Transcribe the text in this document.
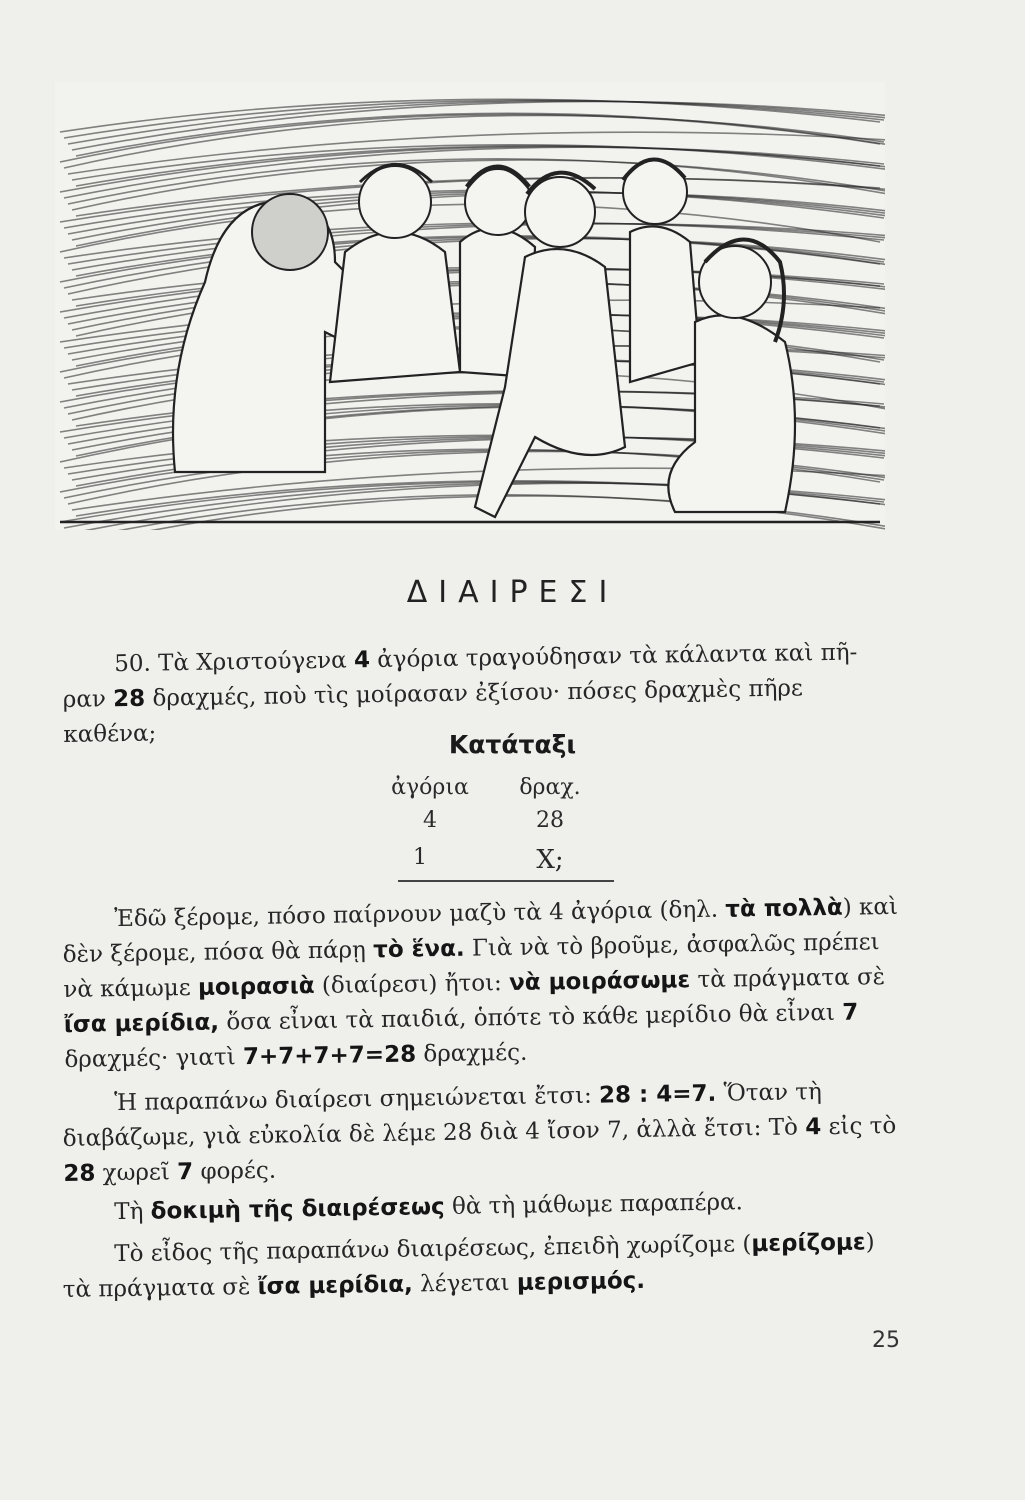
ΔΙΑΙΡΕΣΙ
50. Τὰ Χριστούγενα 4 ἀγόρια τραγούδησαν τὰ κάλαντα καὶ πῆ-
ραν 28 δραχμές, ποὺ τὶς μοίρασαν ἐξίσου· πόσες δραχμὲς πῆρε καθένα;	Κατάταξι
ἀγόρια	δραχ.
4	28
1	X;
Ἐδῶ ξέρομε, πόσο παίρνουν μαζὺ τὰ 4 ἀγόρια (δηλ. τὰ πολλὰ) καὶ δὲν ξέρομε, πόσα θὰ πάρῃ τὸ ἕνα. Γιὰ νὰ τὸ βροῦμε, ἀσφαλῶς πρέπει νὰ κάμωμε μοιρασιὰ (διαίρεσι) ἤτοι: νὰ μοιράσωμε τὰ πράγματα σὲ ἴσα μερίδια, ὅσα εἶναι τὰ παιδιά, ὁπότε τὸ κάθε μερίδιο θὰ εἶναι 7 δραχμές· γιατὶ 7+7+7+7=28 δραχμές.
Ἡ παραπάνω διαίρεσι σημειώνεται ἔτσι: 28 : 4=7. Ὅταν τὴ διαβάζωμε, γιὰ εὐκολία δὲ λέμε 28 διὰ 4 ἴσον 7, ἀλλὰ ἔτσι: Τὸ 4 εἰς τὸ 28 χωρεῖ 7 φορές.
Τὴ δοκιμὴ τῆς διαιρέσεως θὰ τὴ μάθωμε παραπέρα.
Τὸ εἶδος τῆς παραπάνω διαιρέσεως, ἐπειδὴ χωρίζομε (μερίζομε) τὰ πράγματα σὲ ἴσα μερίδια, λέγεται μερισμός.
25
